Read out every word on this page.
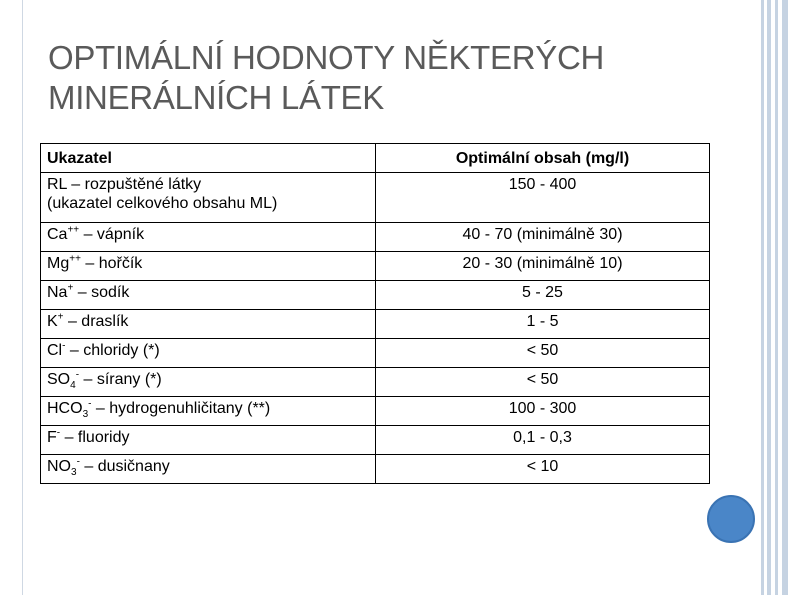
OPTIMÁLNÍ HODNOTY NĚKTERÝCH
MINERÁLNÍCH LÁTEK
Ukazatel	Optimální obsah (mg/l)

RL – rozpuštěné látky
(ukazatel celkového obsahu ML)	150 - 400
Ca++ – vápník	40 - 70 (minimálně 30)
Mg++ – hořčík	20 - 30 (minimálně 10)
Na+ – sodík	5 - 25
K+ – draslík	1 - 5
Cl- – chloridy (*)	< 50
$SO_4^-$ – sírany (*)	< 50
$HCO_3^-$ – hydrogenuhličitany (**)	100 - 300
F- – fluoridy	0,1 - 0,3
$NO_3^-$ – dusičnany	< 10
